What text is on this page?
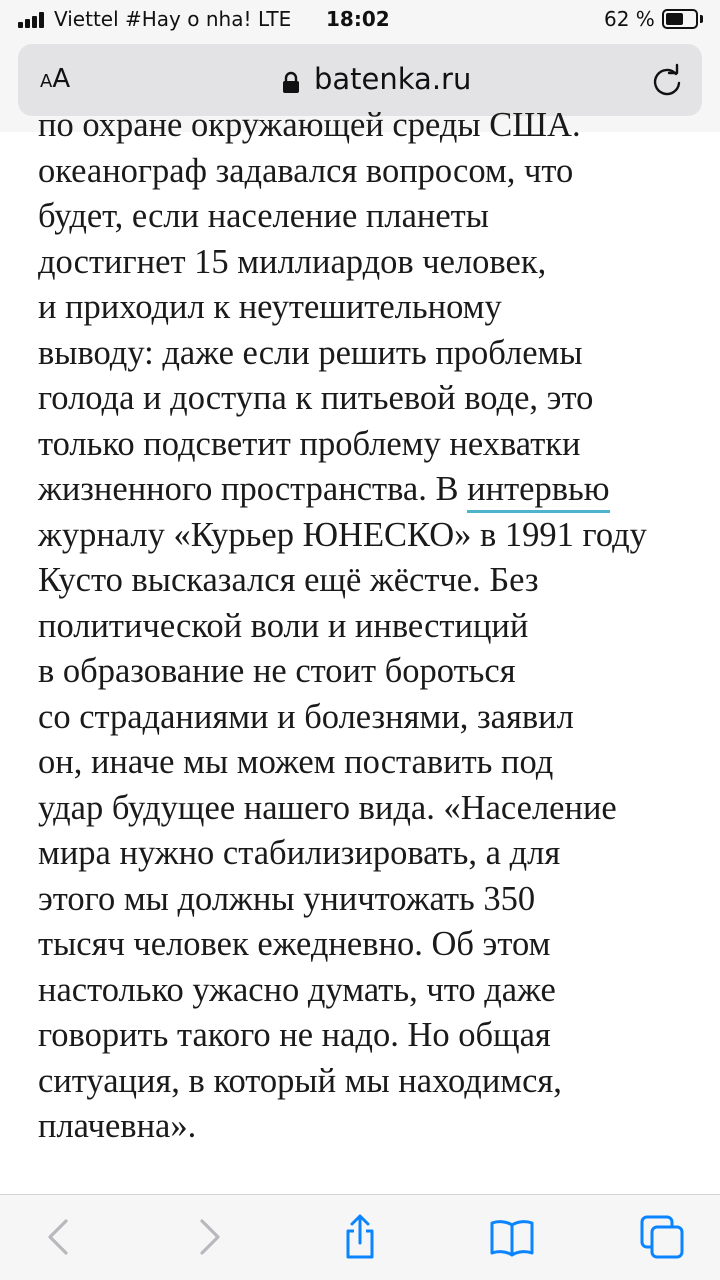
Viettel #Hay o nha! LTE 18:02	62 %
AA	batenka.ru
по охране окружающей среды США.
океанограф задавался вопросом, что
будет, если население планеты
достигнет 15 миллиардов человек,
и приходил к неутешительному
выводу: даже если решить проблемы
голода и доступа к питьевой воде, это
только подсветит проблему нехватки
жизненного пространства. В интервью
журналу «Курьер ЮНЕСКО» в 1991 году
Кусто высказался ещё жёстче. Без
политической воли и инвестиций
в образование не стоит бороться
со страданиями и болезнями, заявил
он, иначе мы можем поставить под
удар будущее нашего вида. «Население
мира нужно стабилизировать, а для
этого мы должны уничтожать 350
тысяч человек ежедневно. Об этом
настолько ужасно думать, что даже
говорить такого не надо. Но общая
ситуация, в который мы находимся,
плачевна».
